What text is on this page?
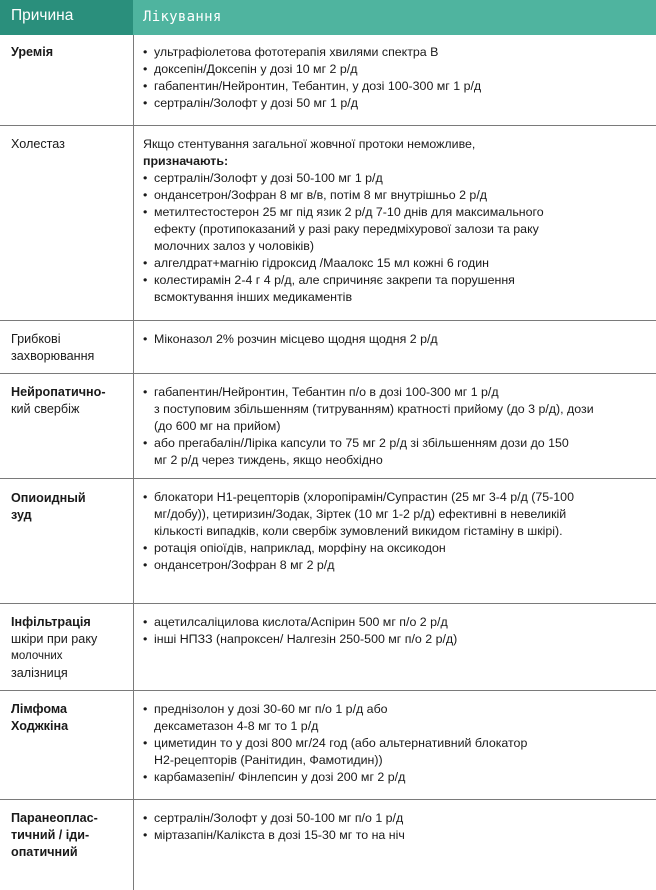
Причина	Лікування
Уремія
•	ультрафіолетова фототерапія хвилями спектра В
• доксепін/Доксепін у дозі 10 мг 2 р/д
• габапентин/Нейронтин, Тебантин, у дозі 100-300 мг 1 р/д
• сертралін/Золофт у дозі 50 мг 1 р/д
Холестаз	Якщо стентування загальної жовчної протоки неможливе,
призначають:
• сертралін/Золофт у дозі 50-100 мг 1 р/д
• ондансетрон/Зофран 8 мг в/в, потім 8 мг внутрішньо 2 р/д
• метилтестостерон 25 мг під язик 2 р/д 7-10 днів для максимального
ефекту (протипоказаний у разі раку передміхурової залози та раку
молочних залоз у чоловіків)
• алгелдрат+магнію гідроксид /Маалокс 15 мл кожні 6 годин
• колестирамін 2-4 г 4 р/д, але спричиняє закрепи та порушення
всмоктування інших медикаментів
Грибкові
захворювання
• Міконазол 2% розчин місцево щодня щодня 2 р/д
Нейропатично-
кий свербіж
• габапентин/Нейронтин, Тебантин п/о в дозі 100-300 мг 1 р/д
з поступовим збільшенням (титруванням) кратності прийому (до 3 р/д), дози
(до 600 мг на прийом)
• або прегабалін/Ліріка капсули то 75 мг 2 р/д зі збільшенням дози до 150
мг 2 р/д через тиждень, якщо необхідно
Опиоидный
зуд
• блокатори Н1-рецепторів (хлоропірамін/Супрастин (25 мг 3-4 р/д (75-100
мг/добу)), цетиризин/Зодак, Зіртек (10 мг 1-2 р/д) ефективні в невеликій
кількості випадків, коли свербіж зумовлений викидом гістаміну в шкірі).
• ротація опіоїдів, наприклад, морфіну на оксикодон
• ондансетрон/Зофран 8 мг 2 р/д
Інфільтрація
шкіри при раку
молочних
залізниця
• ацетилсаліцилова кислота/Аспірин 500 мг п/о 2 р/д
• інші НПЗЗ (напроксен/ Налгезін 250-500 мг п/о 2 р/д)
Лімфома
Ходжкіна
• преднізолон у дозі 30-60 мг п/о 1 р/д або
дексаметазон 4-8 мг то 1 р/д
• циметидин то у дозі 800 мг/24 год (або альтернативний блокатор
Н2-рецепторів (Ранітидин, Фамотидин))
• карбамазепін/ Фінлепсин у дозі 200 мг 2 р/д
Паранеоплас-
тичний / іди-
опатичний
• сертралін/Золофт у дозі 50-100 мг п/о 1 р/д
• міртазапін/Калікста в дозі 15-30 мг то на ніч
